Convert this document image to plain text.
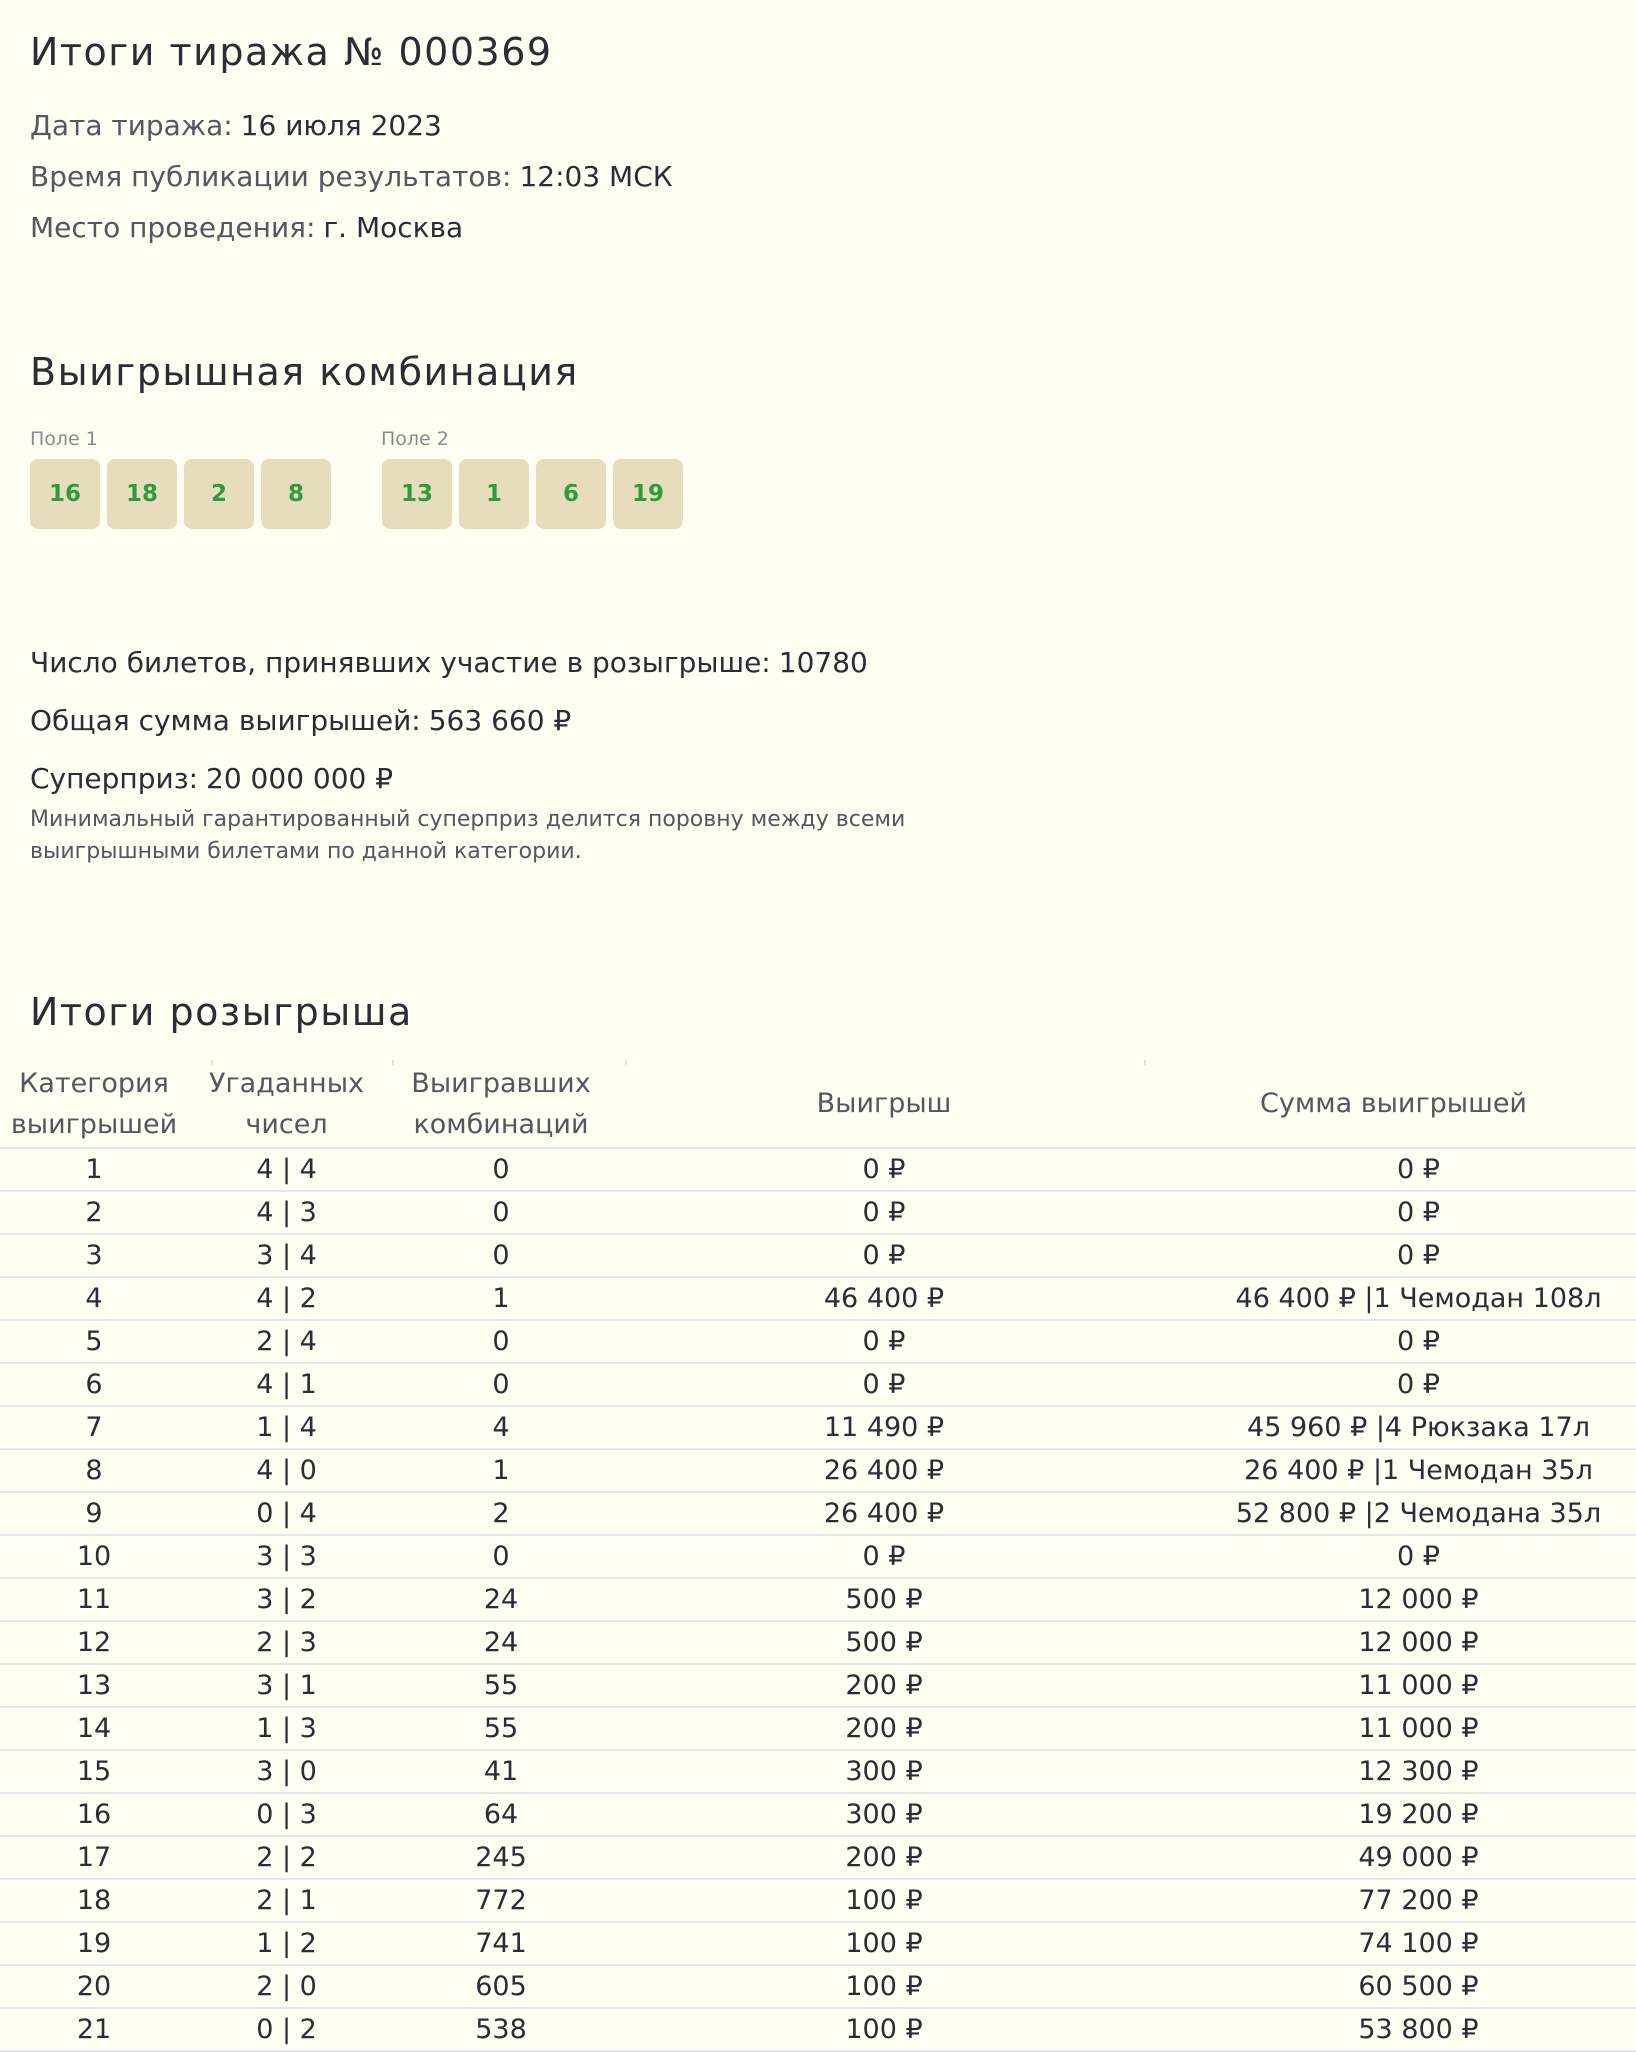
Итоги тиража № 000369
Дата тиража: 16 июля 2023
Время публикации результатов: 12:03 МСК
Место проведения: г. Москва
Выигрышная комбинация
Поле 1	Поле 2
16	18	2	8	13	1	6	19
Число билетов, принявших участие в розыгрыше: 10780
Общая сумма выигрышей: 563 660 ₽
Суперприз: 20 000 000 ₽
Минимальный гарантированный суперприз делится поровну между всеми выигрышными билетами по данной категории.
Итоги розыгрыша
Категория выигрышей	Угаданных чисел	Выигравших комбинаций	Выигрыш	Сумма выигрышей
1	4 | 4	0	0 ₽	0 ₽
2	4 | 3	0	0 ₽	0 ₽
3	3 | 4	0	0 ₽	0 ₽
4	4 | 2	1	46 400 ₽	46 400 ₽ |1 Чемодан 108л
5	2 | 4	0	0 ₽	0 ₽
6	4 | 1	0	0 ₽	0 ₽
7	1 | 4	4	11 490 ₽	45 960 ₽ |4 Рюкзака 17л
8	4 | 0	1	26 400 ₽	26 400 ₽ |1 Чемодан 35л
9	0 | 4	2	26 400 ₽	52 800 ₽ |2 Чемодана 35л
10	3 | 3	0	0 ₽	0 ₽
11	3 | 2	24	500 ₽	12 000 ₽
12	2 | 3	24	500 ₽	12 000 ₽
13	3 | 1	55	200 ₽	11 000 ₽
14	1 | 3	55	200 ₽	11 000 ₽
15	3 | 0	41	300 ₽	12 300 ₽
16	0 | 3	64	300 ₽	19 200 ₽
17	2 | 2	245	200 ₽	49 000 ₽
18	2 | 1	772	100 ₽	77 200 ₽
19	1 | 2	741	100 ₽	74 100 ₽
20	2 | 0	605	100 ₽	60 500 ₽
21	0 | 2	538	100 ₽	53 800 ₽
